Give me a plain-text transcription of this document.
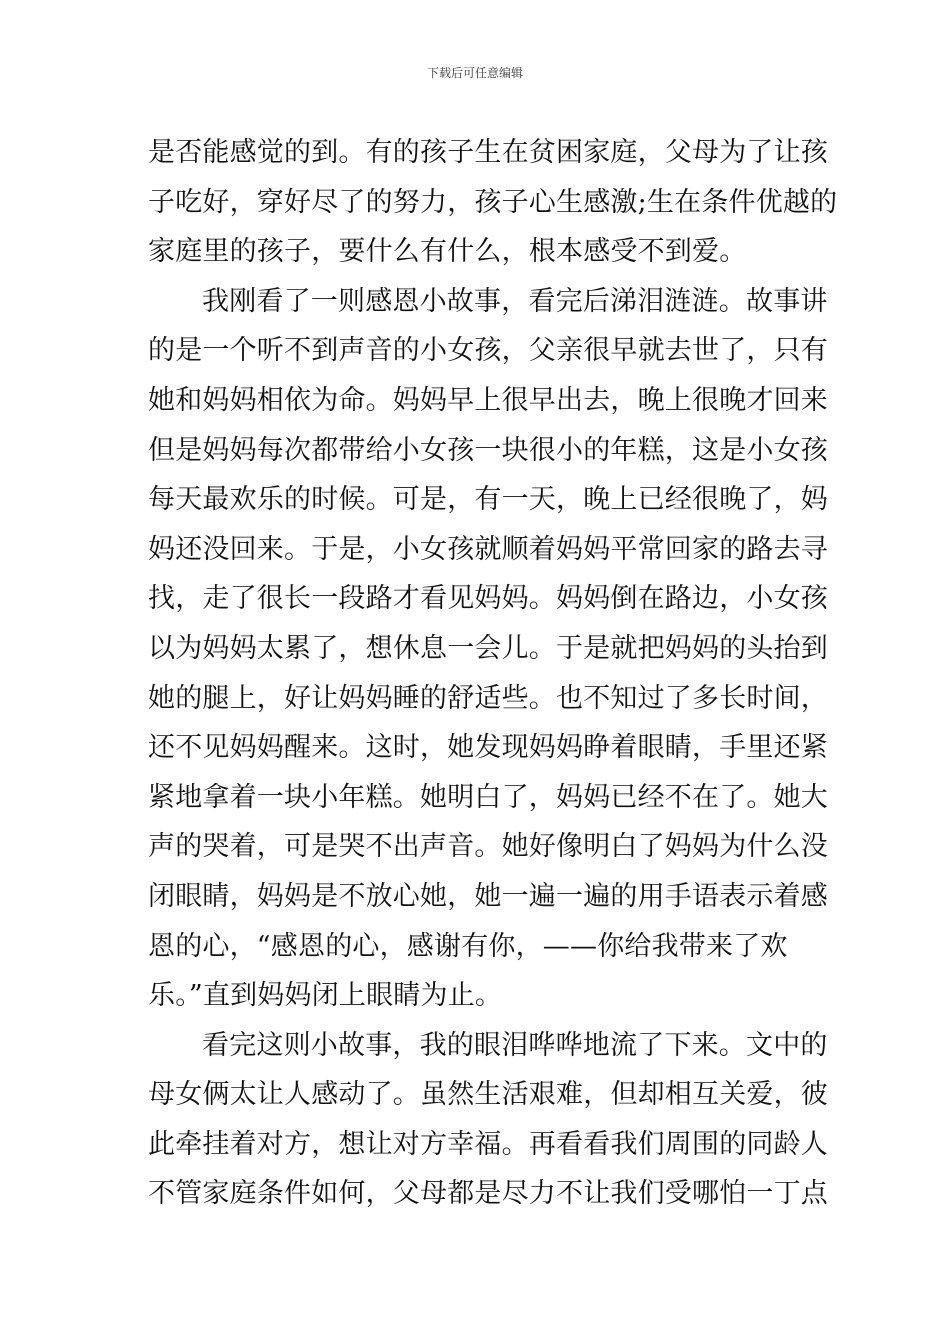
下载后可任意编辑
是否能感觉的到。有的孩子生在贫困家庭，父母为了让孩
子吃好，穿好尽了的努力，孩子心生感激;生在条件优越的
家庭里的孩子，要什么有什么，根本感受不到爱。
我刚看了一则感恩小故事，看完后涕泪涟涟。故事讲
的是一个听不到声音的小女孩，父亲很早就去世了，只有
她和妈妈相依为命。妈妈早上很早出去，晚上很晚才回来
但是妈妈每次都带给小女孩一块很小的年糕，这是小女孩
每天最欢乐的时候。可是，有一天，晚上已经很晚了，妈
妈还没回来。于是，小女孩就顺着妈妈平常回家的路去寻
找，走了很长一段路才看见妈妈。妈妈倒在路边，小女孩
以为妈妈太累了，想休息一会儿。于是就把妈妈的头抬到
她的腿上，好让妈妈睡的舒适些。也不知过了多长时间，
还不见妈妈醒来。这时，她发现妈妈睁着眼睛，手里还紧
紧地拿着一块小年糕。她明白了，妈妈已经不在了。她大
声的哭着，可是哭不出声音。她好像明白了妈妈为什么没
闭眼睛，妈妈是不放心她，她一遍一遍的用手语表示着感
恩的心，“感恩的心，感谢有你，——你给我带来了欢
乐。”直到妈妈闭上眼睛为止。
看完这则小故事，我的眼泪哗哗地流了下来。文中的
母女俩太让人感动了。虽然生活艰难，但却相互关爱，彼
此牵挂着对方，想让对方幸福。再看看我们周围的同龄人
不管家庭条件如何，父母都是尽力不让我们受哪怕一丁点
